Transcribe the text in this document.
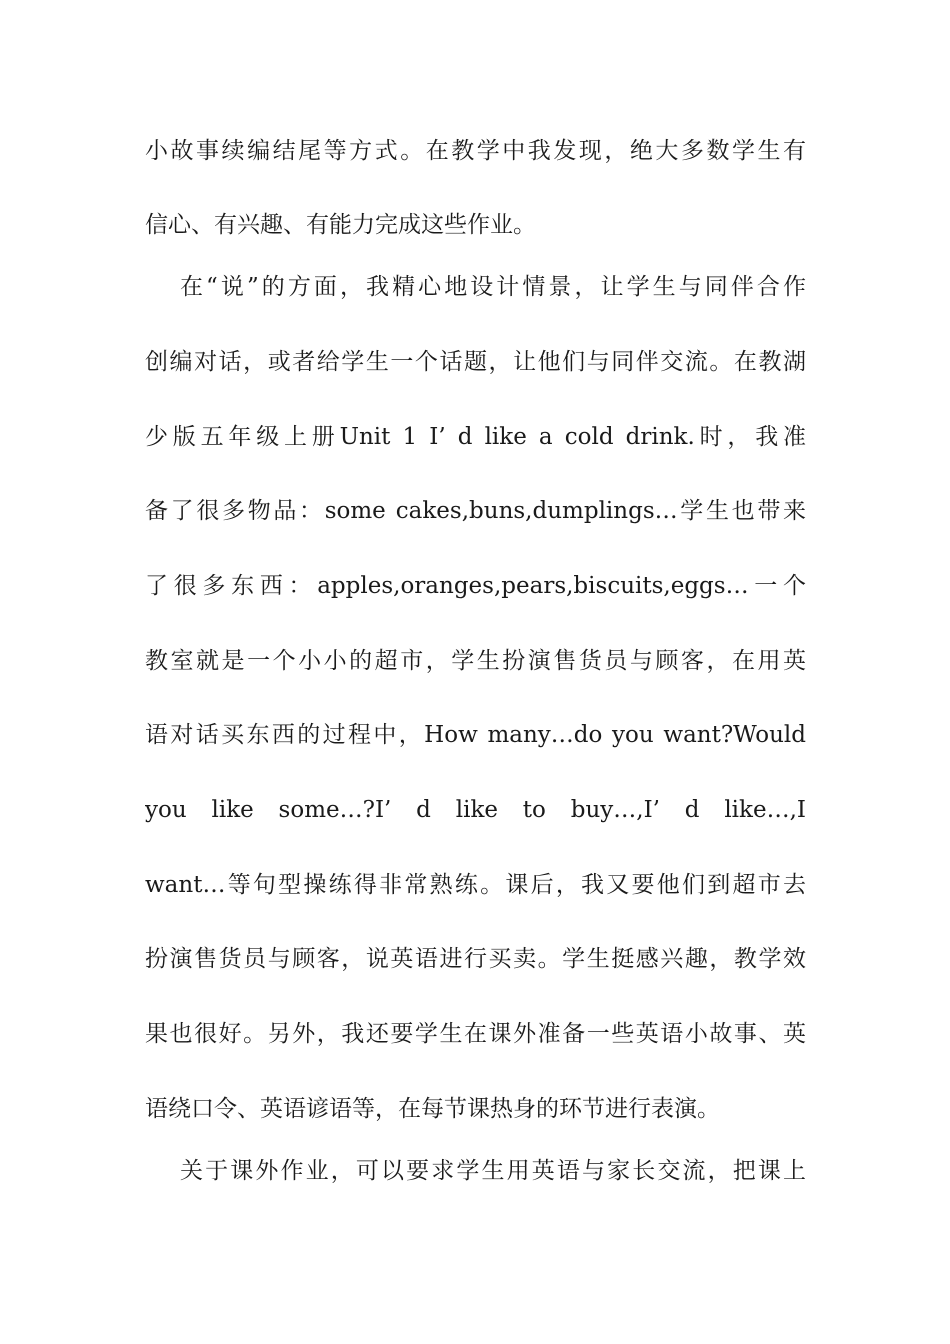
小故事续编结尾等方式。在教学中我发现，绝大多数学生有
信心、有兴趣、有能力完成这些作业。
在“说”的方面，我精心地设计情景，让学生与同伴合作
创编对话，或者给学生一个话题，让他们与同伴交流。在教湖
少版五年级上册Unit 1 I’ d like a cold drink.时，我准
备了很多物品：some cakes,buns,dumplings…学生也带来
了很多东西：apples,oranges,pears,biscuits,eggs…一个
教室就是一个小小的超市，学生扮演售货员与顾客，在用英
语对话买东西的过程中，How many…do you want?Would
you like some…?I’ d like to buy…,I’ d like…,I
want…等句型操练得非常熟练。课后，我又要他们到超市去
扮演售货员与顾客，说英语进行买卖。学生挺感兴趣，教学效
果也很好。另外，我还要学生在课外准备一些英语小故事、英
语绕口令、英语谚语等，在每节课热身的环节进行表演。
关于课外作业，可以要求学生用英语与家长交流，把课上
